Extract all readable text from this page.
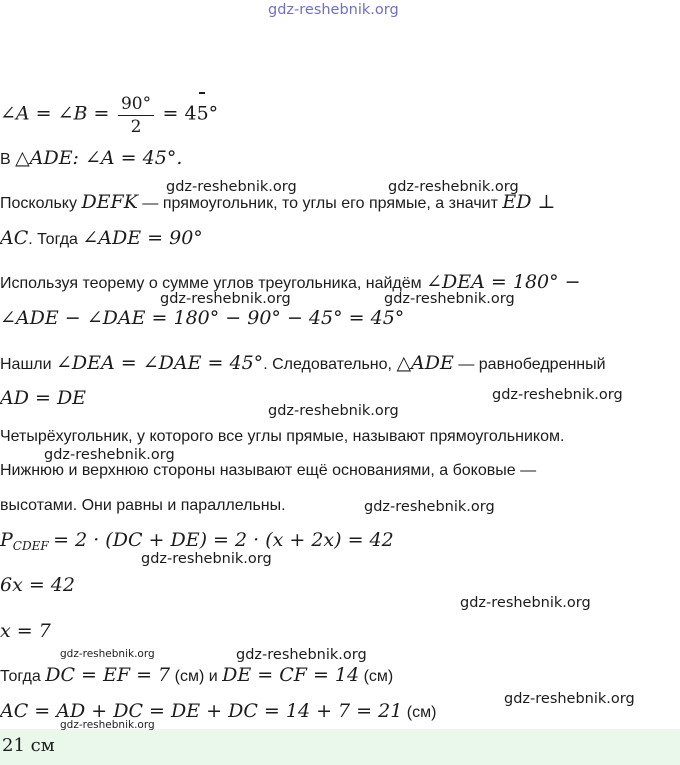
gdz-reshebnik.org
∠A = ∠B = $\frac{90^\circ}{2} = 45^\circ$
В △ADE: ∠A = 45°.
Поскольку DEFK — прямоугольник, то углы его прямые, а значит ED ⊥
AC. Тогда ∠ADE = 90°
Используя теорему о сумме углов треугольника, найдём ∠DEA = 180° −
∠ADE − ∠DAE = 180° − 90° − 45° = 45°
Нашли ∠DEA = ∠DAE = 45°. Следовательно, △ADE — равнобедренный
AD = DE
Четырёхугольник, у которого все углы прямые, называют прямоугольником.
Нижнюю и верхнюю стороны называют ещё основаниями, а боковые —
высотами. Они равны и параллельны.
$P_{CDEF} = 2 \cdot (DC + DE) = 2 \cdot (x + 2x) = 42$
6x = 42
x = 7
Тогда DC = EF = 7 (см) и DE = CF = 14 (см)
AC = AD + DC = DE + DC = 14 + 7 = 21 (см)
21 см
gdz-reshebnik.org	gdz-reshebnik.org
gdz-reshebnik.org	gdz-reshebnik.org
gdz-reshebnik.org
gdz-reshebnik.org
gdz-reshebnik.org
gdz-reshebnik.org
gdz-reshebnik.org
gdz-reshebnik.org
gdz-reshebnik.org	gdz-reshebnik.org
gdz-reshebnik.org
gdz-reshebnik.org
